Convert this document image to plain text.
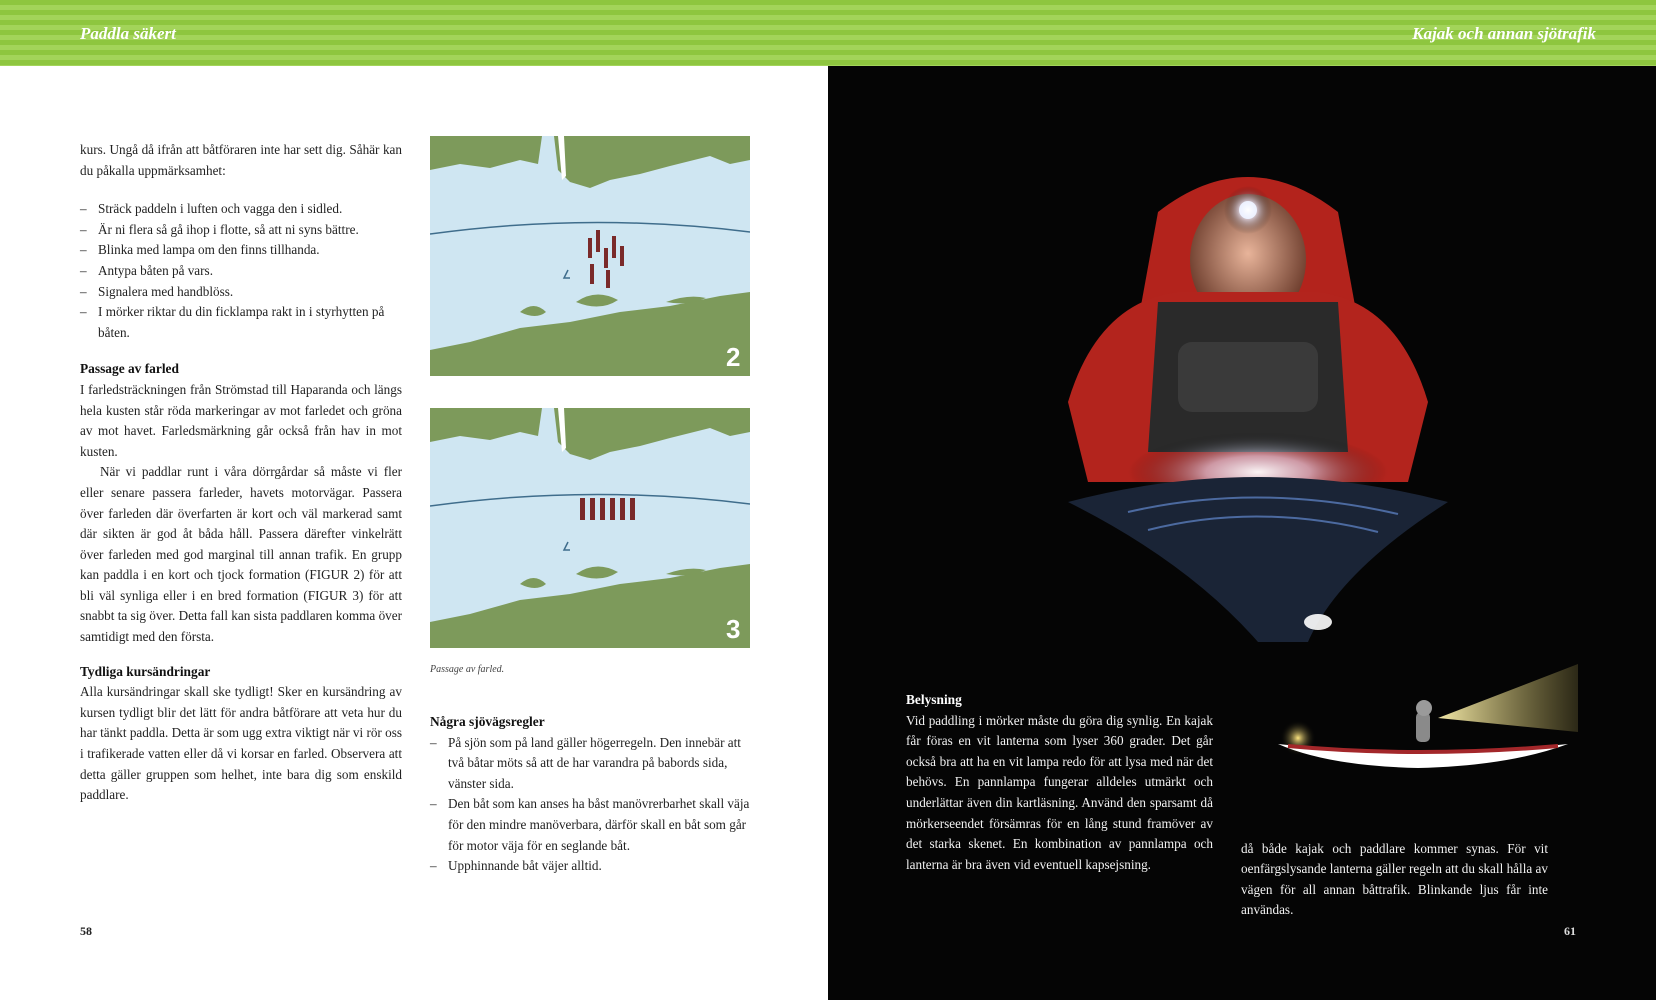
Paddla säkert	Kajak och annan sjötrafik

kurs. Ungå då ifrån att båtföraren inte har sett dig. Såhär kan du påkalla uppmärksamhet:

– Sträck paddeln i luften och vagga den i sidled.
– Är ni flera så gå ihop i flotte, så att ni syns bättre.
– Blinka med lampa om den finns tillhanda.
– Antypa båten på vars.
– Signalera med handblöss.
– I mörker riktar du din ficklampa rakt in i styrhytten på båten.
Passage av farled

I farledsträckningen från Strömstad till Haparanda och längs hela kusten står röda markeringar av mot farledet och gröna av mot havet. Farledsmärkning går också från hav in mot kusten.

När vi paddlar runt i våra dörrgårdar så måste vi fler eller senare passera farleder, havets motorvägar. Passera över farleden där överfarten är kort och väl markerad samt där sikten är god åt båda håll. Passera därefter vinkelrätt över farleden med god marginal till annan trafik. En grupp kan paddla i en kort och tjock formation (FIGUR 2) för att bli väl synliga eller i en bred formation (FIGUR 3) för att snabbt ta sig över. Detta fall kan sista paddlaren komma över samtidigt med den första.

Tydliga kursändringar

Alla kursändringar skall ske tydligt! Sker en kursändring av kursen tydligt blir det lätt för andra båtförare att veta hur du har tänkt paddla. Detta är som ugg extra viktigt när vi rör oss i trafikerade vatten eller då vi korsar en farled. Observera att detta gäller gruppen som helhet, inte bara dig som enskild paddlare.

2
3
Passage av farled.
Några sjövägsregler
– På sjön som på land gäller högerregeln. Den innebär att två båtar möts så att de har varandra på babords sida, vänster sida.
– Den båt som kan anses ha båst manövrerbarhet skall väja för den mindre manöverbara, därför skall en båt som går för motor väja för en seglande båt.
– Upphinnande båt väjer alltid.
58
Belysning

Vid paddling i mörker måste du göra dig synlig. En kajak får föras en vit lanterna som lyser 360 grader. Det går också bra att ha en vit lampa redo för att lysa med när det behövs. En pannlampa fungerar alldeles utmärkt och underlättar även din kartläsning. Använd den sparsamt då mörkerseendet försämras för en lång stund framöver av det starka skenet. En kombination av pannlampa och lanterna är bra även vid eventuell kapsejsning.

då både kajak och paddlare kommer synas. För vit oenfärgslysande lanterna gäller regeln att du skall hålla av vägen för all annan båttrafik. Blinkande ljus får inte användas.

61
